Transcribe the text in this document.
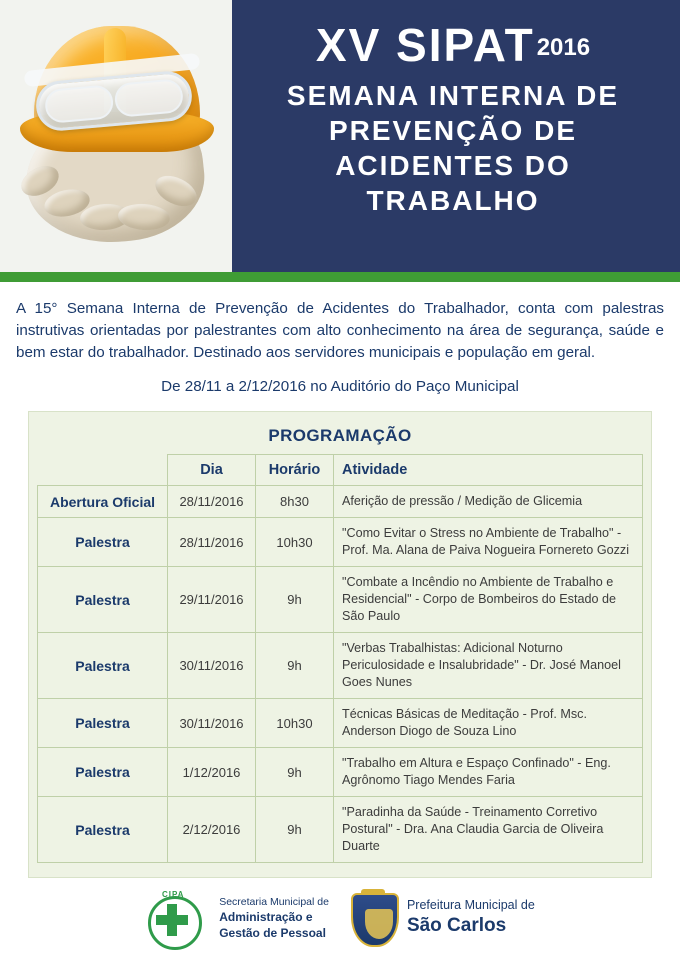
XV SIPAT2016
SEMANA INTERNA DE
PREVENÇÃO DE
ACIDENTES DO
TRABALHO
A 15° Semana Interna de Prevenção de Acidentes do Trabalhador, conta com palestras instrutivas orientadas por palestrantes com alto conhecimento na área de segurança, saúde e bem estar do trabalhador. Destinado aos servidores municipais e população em geral.
De 28/11 a 2/12/2016 no Auditório do Paço Municipal
PROGRAMAÇÃO
	Dia	Horário	Atividade
Abertura Oficial	28/11/2016	8h30	Aferição de pressão / Medição de Glicemia
Palestra	28/11/2016	10h30	"Como Evitar o Stress no Ambiente de Trabalho" - Prof. Ma. Alana de Paiva Nogueira Fornereto Gozzi
Palestra	29/11/2016	9h	"Combate a Incêndio no Ambiente de Trabalho e Residencial" - Corpo de Bombeiros do Estado de São Paulo
Palestra	30/11/2016	9h	"Verbas Trabalhistas: Adicional Noturno Periculosidade e Insalubridade" - Dr. José Manoel Goes Nunes
Palestra	30/11/2016	10h30	Técnicas Básicas de Meditação - Prof. Msc. Anderson Diogo de Souza Lino
Palestra	1/12/2016	9h	"Trabalho em Altura e Espaço Confinado" - Eng. Agrônomo Tiago Mendes Faria
Palestra	2/12/2016	9h	"Paradinha da Saúde - Treinamento Corretivo Postural" - Dra. Ana Claudia Garcia de Oliveira Duarte
CIPA
Secretaria Municipal de
Administração e
Gestão de Pessoal
Prefeitura Municipal de
São Carlos
